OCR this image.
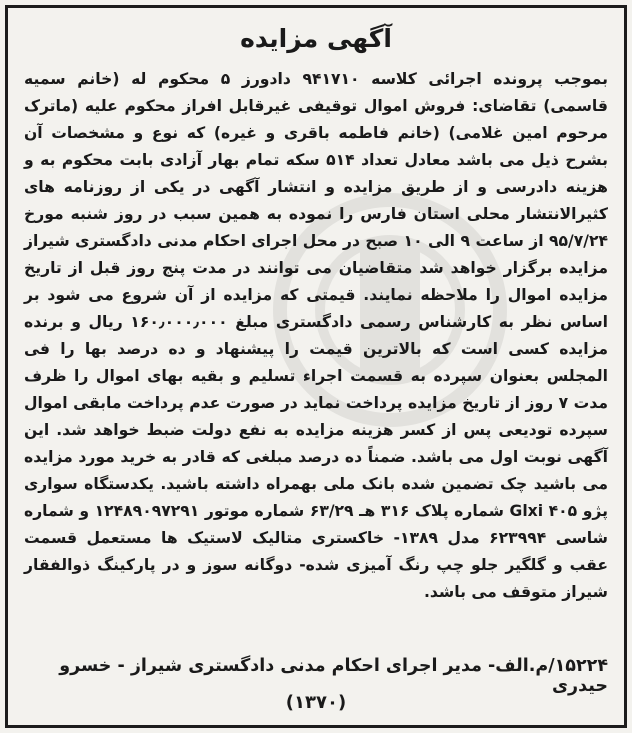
آگهی مزایده
بموجب پرونده اجرائی کلاسه ۹۴۱۷۱۰ دادورز ۵ محکوم له (خانم سمیه قاسمی) تقاضای: فروش اموال توقیفی غیرقابل افراز محکوم علیه (ماترک مرحوم امین غلامی) (خانم فاطمه باقری و غیره) که نوع و مشخصات آن بشرح ذیل می باشد معادل تعداد ۵۱۴ سکه تمام بهار آزادی بابت محکوم به و هزینه دادرسی و از طریق مزایده و انتشار آگهی در یکی از روزنامه های کثیرالانتشار محلی استان فارس را نموده به همین سبب در روز شنبه مورخ ۹۵/۷/۲۴ از ساعت ۹ الی ۱۰ صبح در محل اجرای احکام مدنی دادگستری شیراز مزایده برگزار خواهد شد متقاضیان می توانند در مدت پنج روز قبل از تاریخ مزایده اموال را ملاحظه نمایند. قیمتی که مزایده از آن شروع می شود بر اساس نظر به کارشناس رسمی دادگستری مبلغ ۱۶۰٫۰۰۰٫۰۰۰ ریال و برنده مزایده کسی است که بالاترین قیمت را پیشنهاد و ده درصد بها را فی المجلس بعنوان سپرده به قسمت اجراء تسلیم و بقیه بهای اموال را ظرف مدت ۷ روز از تاریخ مزایده پرداخت نماید در صورت عدم پرداخت مابقی اموال سپرده تودیعی پس از کسر هزینه مزایده به نفع دولت ضبط خواهد شد. این آگهی نوبت اول می باشد. ضمناً ده درصد مبلغی که قادر به خرید مورد مزایده می باشید چک تضمین شده بانک ملی بهمراه داشته باشید. یکدستگاه سواری پژو ۴۰۵ Glxi شماره پلاک ۳۱۶ هـ ۶۳/۲۹ شماره موتور ۱۲۴۸۹۰۹۷۲۹۱ و شماره شاسی ۶۲۳۹۹۴ مدل ۱۳۸۹- خاکستری متالیک لاستیک ها مستعمل قسمت عقب و گلگیر جلو چپ رنگ آمیزی شده- دوگانه سوز و در پارکینگ ذوالفقار شیراز متوقف می باشد.
۱۵۲۲۴/م.الف- مدیر اجرای احکام مدنی دادگستری شیراز - خسرو حیدری
(۱۳۷۰)
